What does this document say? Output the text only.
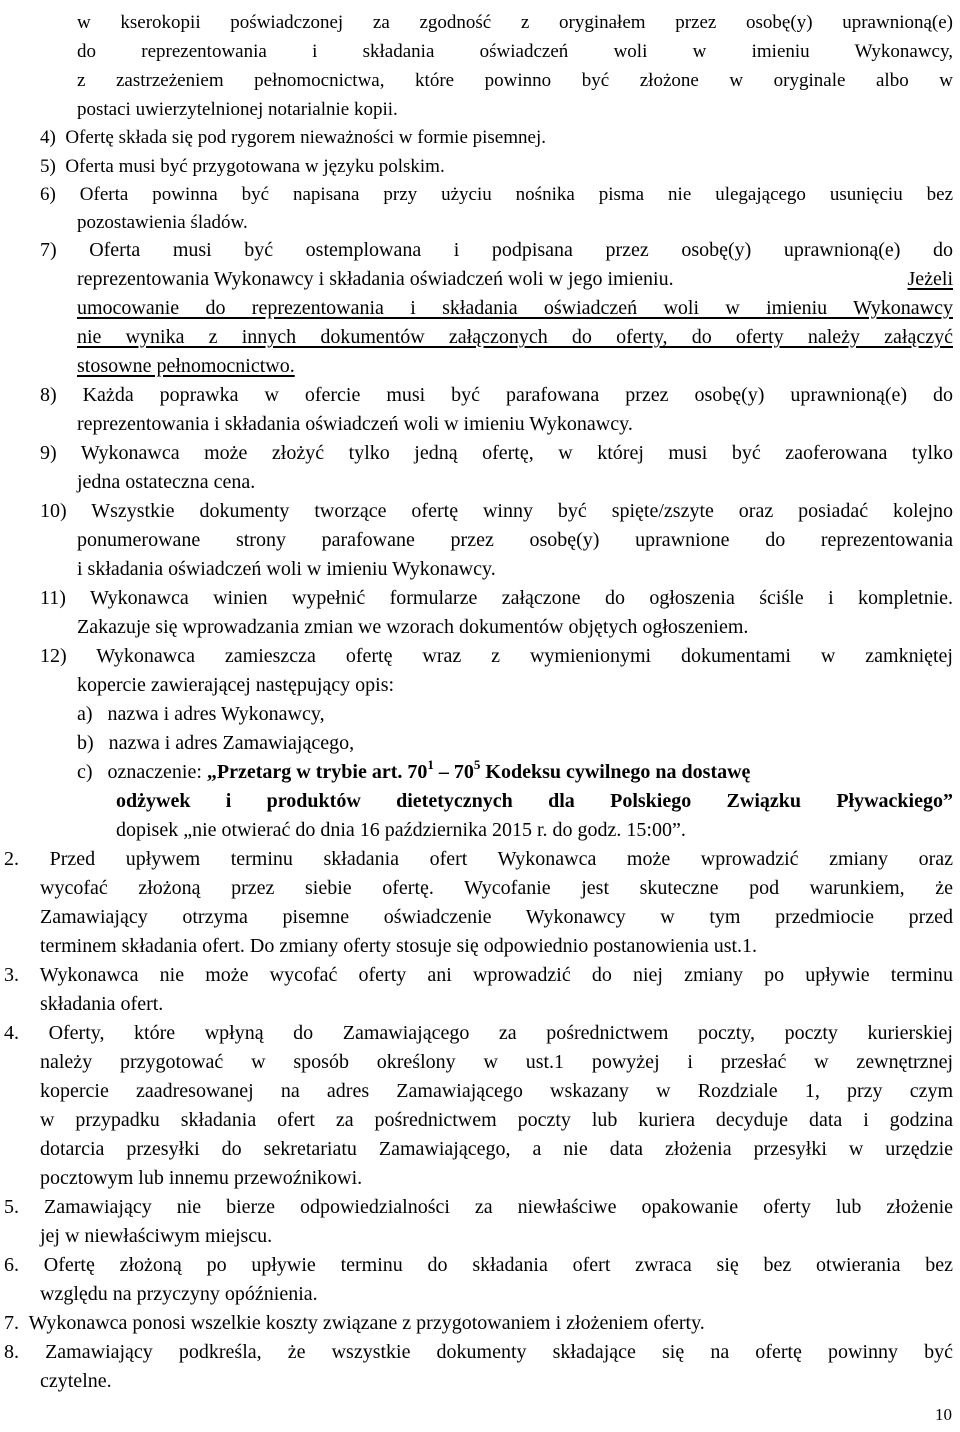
w kserokopii poświadczonej za zgodność z oryginałem przez osobę(y) uprawnioną(e)
do reprezentowania i składania oświadczeń woli w imieniu Wykonawcy,
z zastrzeżeniem pełnomocnictwa, które powinno być złożone w oryginale albo w
postaci uwierzytelnionej notarialnie kopii.
4)  Ofertę składa się pod rygorem nieważności w formie pisemnej.
5)  Oferta musi być przygotowana w języku polskim.
6) Oferta powinna być napisana przy użyciu nośnika pisma nie ulegającego usunięciu bez
pozostawienia śladów.
7) Oferta musi być ostemplowana i podpisana przez osobę(y) uprawnioną(e) do
reprezentowania Wykonawcy i składania oświadczeń woli w jego imieniu.	Jeżeli
umocowanie do reprezentowania i składania oświadczeń woli w imieniu Wykonawcy
nie wynika z innych dokumentów załączonych do oferty, do oferty należy załączyć
stosowne pełnomocnictwo.
8) Każda poprawka w ofercie musi być parafowana przez osobę(y) uprawnioną(e) do
reprezentowania i składania oświadczeń woli w imieniu Wykonawcy.
9) Wykonawca może złożyć tylko jedną ofertę, w której musi być zaoferowana tylko
jedna ostateczna cena.
10) Wszystkie dokumenty tworzące ofertę winny być spięte/zszyte oraz posiadać kolejno
ponumerowane strony parafowane przez osobę(y) uprawnione do reprezentowania
i składania oświadczeń woli w imieniu Wykonawcy.
11) Wykonawca winien wypełnić formularze załączone do ogłoszenia ściśle i kompletnie.
Zakazuje się wprowadzania zmian we wzorach dokumentów objętych ogłoszeniem.
12) Wykonawca zamieszcza ofertę wraz z wymienionymi dokumentami w zamkniętej
kopercie zawierającej następujący opis:
a)   nazwa i adres Wykonawcy,
b)   nazwa i adres Zamawiającego,
c)   oznaczenie: „Przetarg w trybie art. $70^1 - 70^5$ Kodeksu cywilnego na dostawę
odżywek i produktów dietetycznych dla Polskiego Związku Pływackiego”
dopisek „nie otwierać do dnia 16 października 2015 r. do godz. 15:00”.
2. Przed upływem terminu składania ofert Wykonawca może wprowadzić zmiany oraz
wycofać złożoną przez siebie ofertę. Wycofanie jest skuteczne pod warunkiem, że
Zamawiający otrzyma pisemne oświadczenie Wykonawcy w tym przedmiocie przed
terminem składania ofert. Do zmiany oferty stosuje się odpowiednio postanowienia ust.1.
3. Wykonawca nie może wycofać oferty ani wprowadzić do niej zmiany po upływie terminu
składania ofert.
4. Oferty, które wpłyną do Zamawiającego za pośrednictwem poczty, poczty kurierskiej
należy przygotować w sposób określony w ust.1 powyżej i przesłać w zewnętrznej
kopercie zaadresowanej na adres Zamawiającego wskazany w Rozdziale 1, przy czym
w przypadku składania ofert za pośrednictwem poczty lub kuriera decyduje data i godzina
dotarcia przesyłki do sekretariatu Zamawiającego, a nie data złożenia przesyłki w urzędzie
pocztowym lub innemu przewoźnikowi.
5. Zamawiający nie bierze odpowiedzialności za niewłaściwe opakowanie oferty lub złożenie
jej w niewłaściwym miejscu.
6. Ofertę złożoną po upływie terminu do składania ofert zwraca się bez otwierania bez
względu na przyczyny opóźnienia.
7.  Wykonawca ponosi wszelkie koszty związane z przygotowaniem i złożeniem oferty.
8. Zamawiający podkreśla, że wszystkie dokumenty składające się na ofertę powinny być
czytelne.
10
